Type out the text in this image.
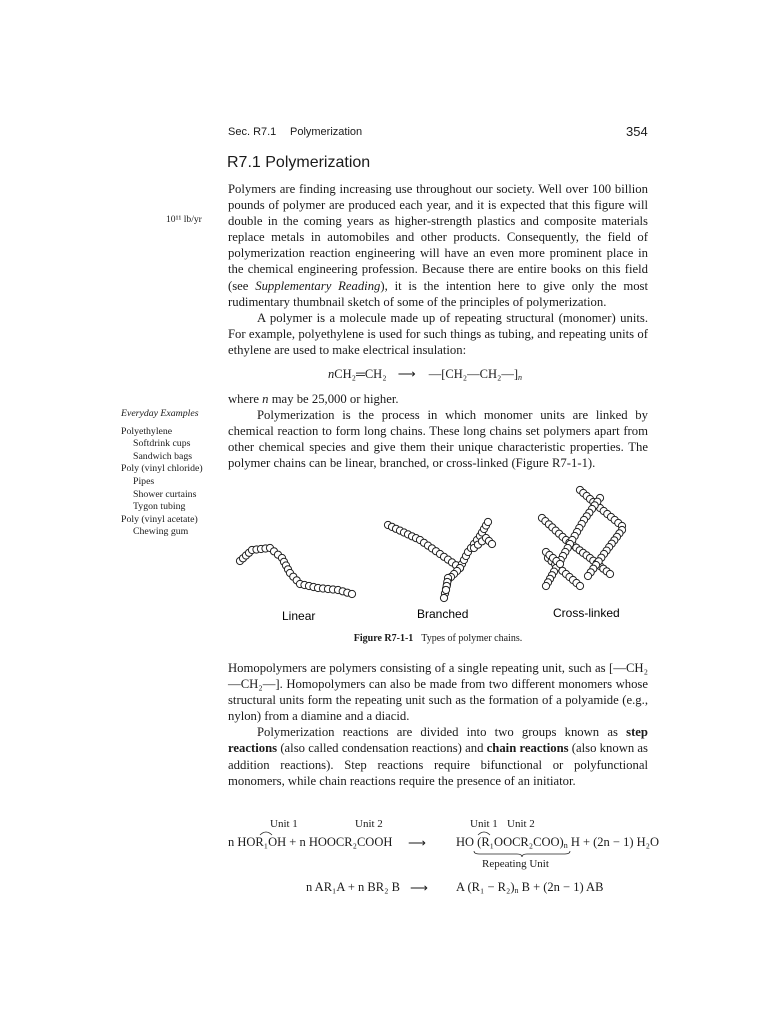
Sec. R7.1 Polymerization	354
R7.1 Polymerization
10¹¹ lb/yr
Everyday Examples
Polyethylene
Softdrink cups
Sandwich bags
Poly (vinyl chloride)
Pipes
Shower curtains
Tygon tubing
Poly (vinyl acetate)
Chewing gum

Polymers are finding increasing use throughout our society. Well over 100 billion pounds of polymer are produced each year, and it is expected that this figure will double in the coming years as higher-strength plastics and composite materials replace metals in automobiles and other products. Consequently, the field of polymerization reaction engineering will have an even more prominent place in the chemical engineering profession. Because there are entire books on this field (see Supplementary Reading), it is the intention here to give only the most rudimentary thumbnail sketch of some of the principles of polymerization.

A polymer is a molecule made up of repeating structural (monomer) units. For example, polyethylene is used for such things as tubing, and repeating units of ethylene are used to make electrical insulation:

nCH₂═CH₂ ⟶ —[CH₂—CH₂—]n

where n may be 25,000 or higher.

Polymerization is the process in which monomer units are linked by chemical reaction to form long chains. These long chains set polymers apart from other chemical species and give them their unique characteristic properties. The polymer chains can be linear, branched, or cross-linked (Figure R7-1-1).

Linear	Branched	Cross-linked
Figure R7-1-1 Types of polymer chains.

Homopolymers are polymers consisting of a single repeating unit, such as [—CH₂—CH₂—]. Homopolymers can also be made from two different monomers whose structural units form the repeating unit such as the formation of a polyamide (e.g., nylon) from a diamine and a diacid.

Polymerization reactions are divided into two groups known as step reactions (also called condensation reactions) and chain reactions (also known as addition reactions). Step reactions require bifunctional or polyfunctional monomers, while chain reactions require the presence of an initiator.

Unit 1	Unit 2
n HOR₁OH + n HOOCR₂COOH ⟶
Unit 1 Unit 2
HO (R₁OOCR₂COO)n H + (2n − 1) H₂O
Repeating Unit
n AR₁A + n BR₂ B ⟶ A (R₁ − R₂)n B + (2n − 1) AB
